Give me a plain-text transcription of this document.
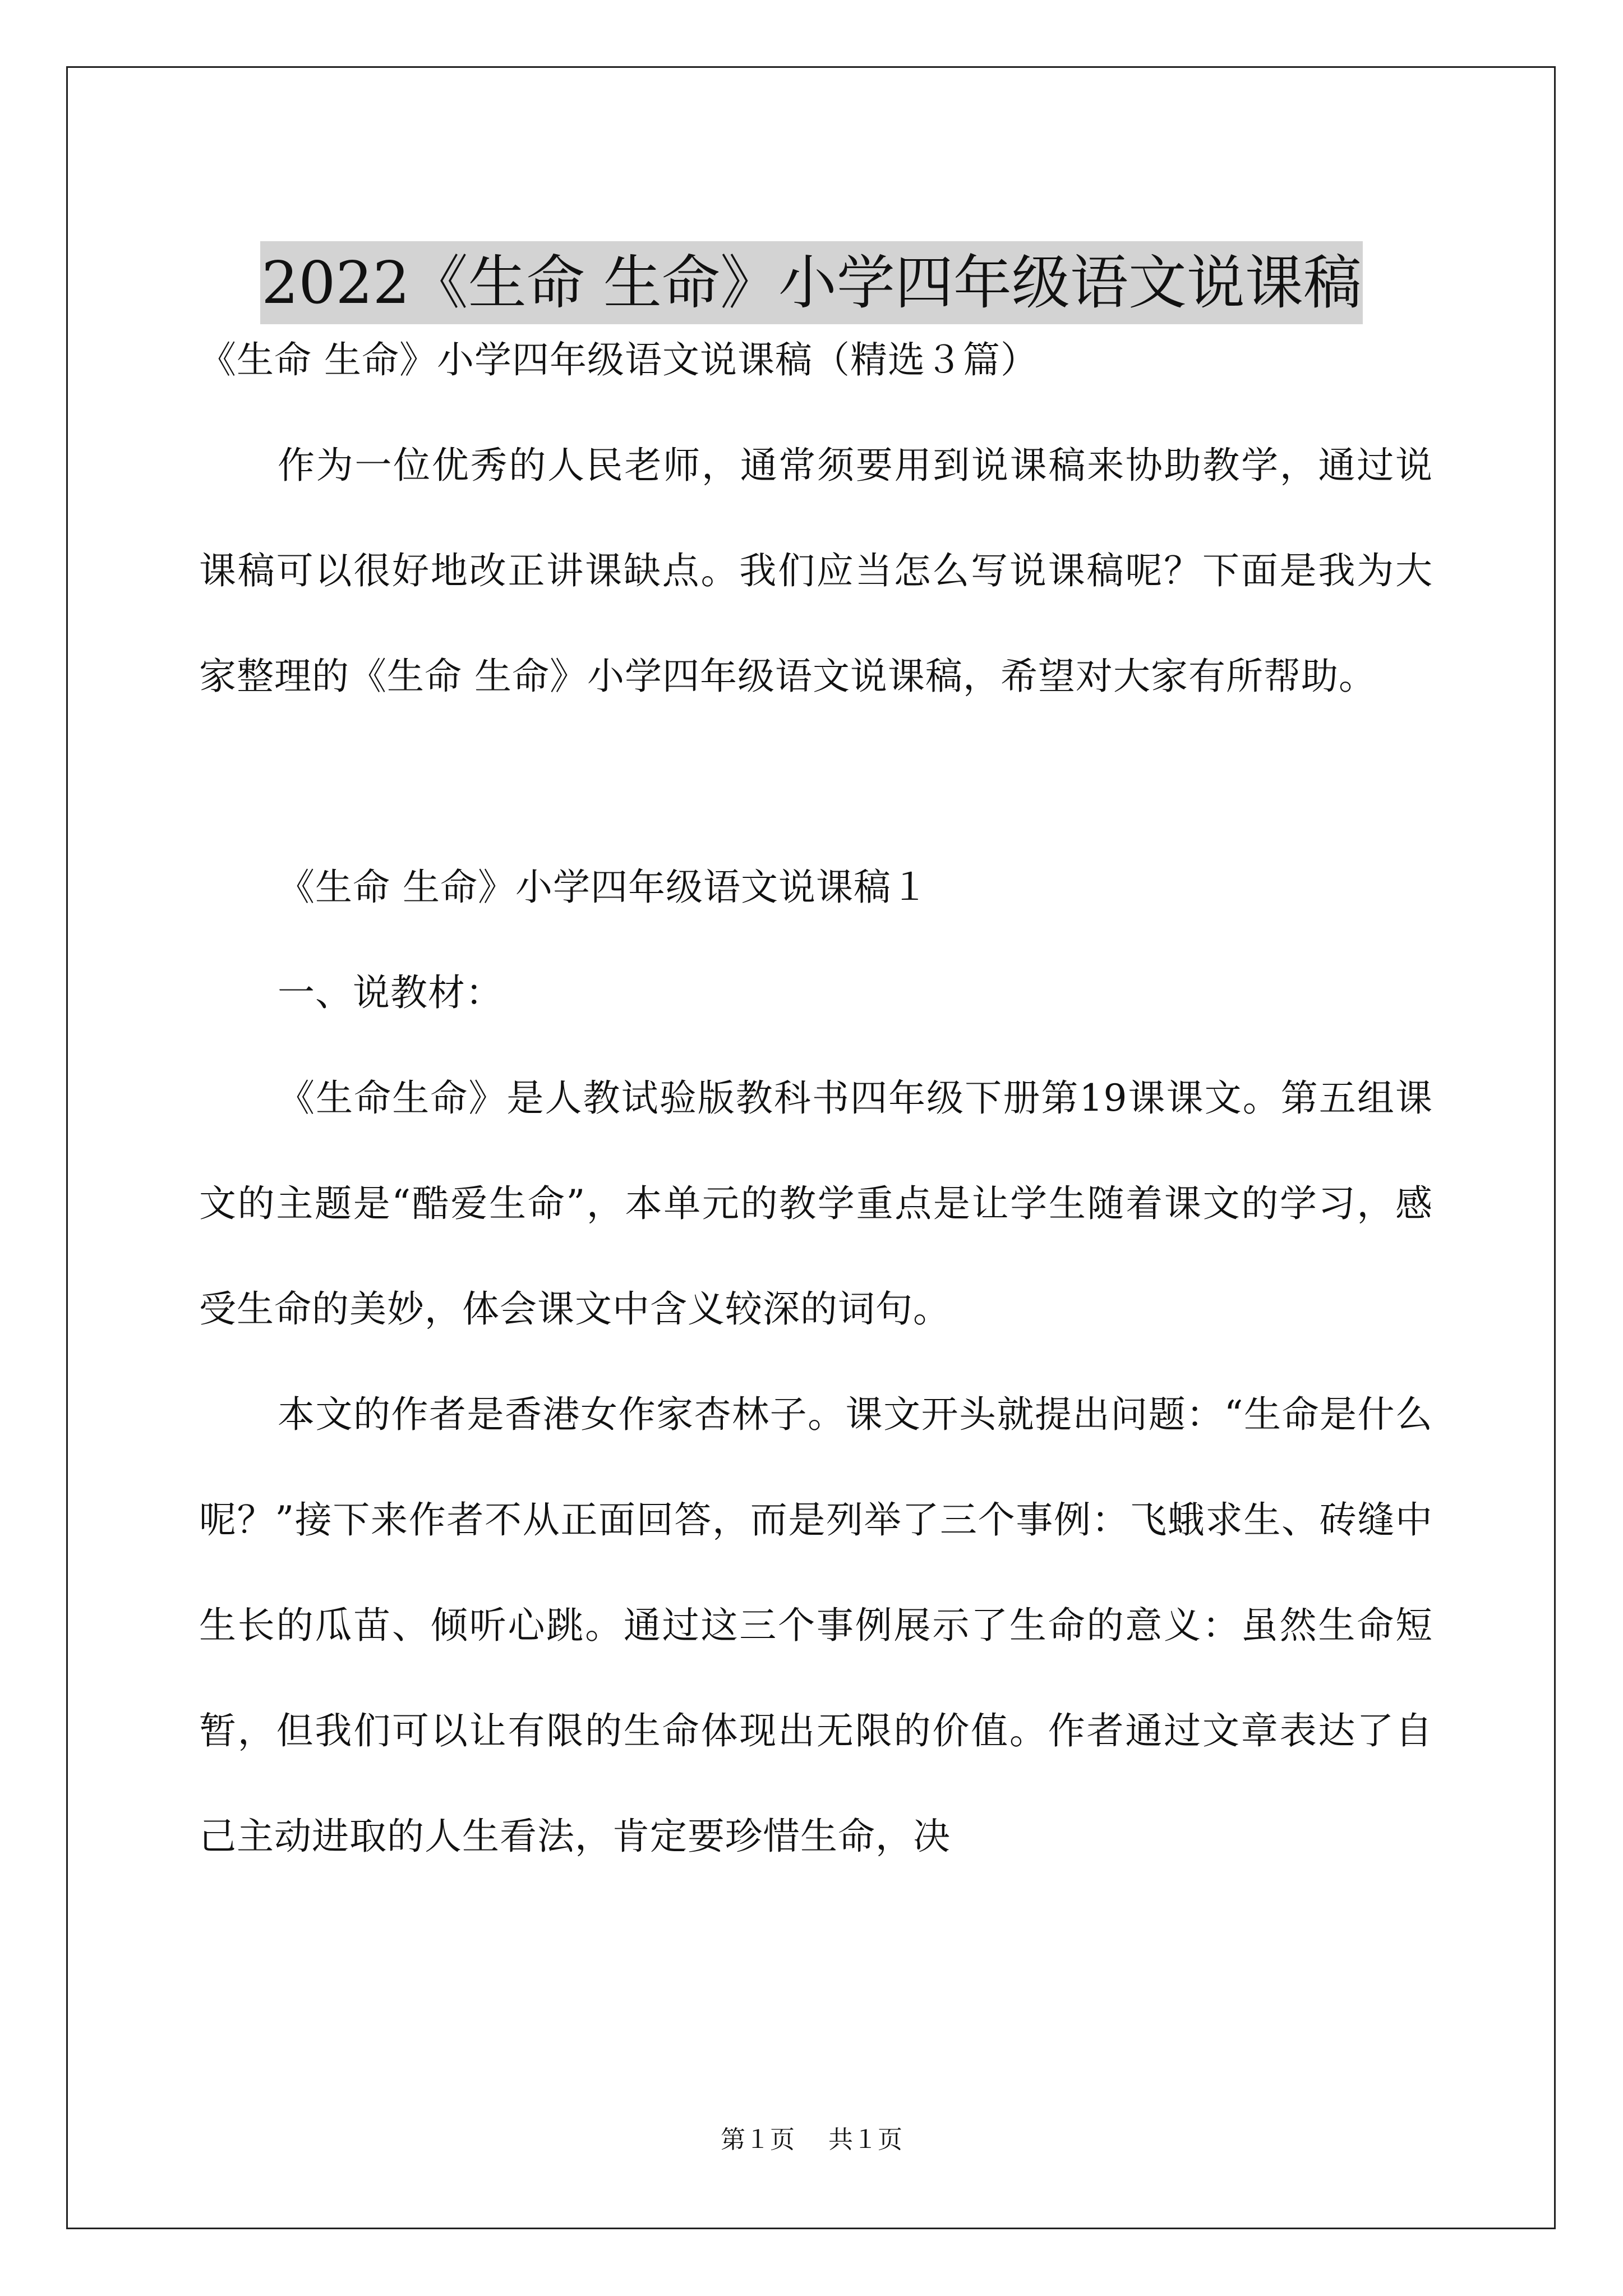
2022《生命 生命》小学四年级语文说课稿

《生命 生命》小学四年级语文说课稿（精选３篇）

作为一位优秀的人民老师，通常须要用到说课稿来协助教学，通过说课稿可以很好地改正讲课缺点。我们应当怎么写说课稿呢？下面是我为大家整理的《生命 生命》小学四年级语文说课稿，希望对大家有所帮助。

《生命 生命》小学四年级语文说课稿１

一、说教材：

《生命生命》是人教试验版教科书四年级下册第19课课文。第五组课文的主题是“酷爱生命”，本单元的教学重点是让学生随着课文的学习，感受生命的美妙，体会课文中含义较深的词句。

本文的作者是香港女作家杏林子。课文开头就提出问题：“生命是什么呢？”接下来作者不从正面回答，而是列举了三个事例：飞蛾求生、砖缝中生长的瓜苗、倾听心跳。通过这三个事例展示了生命的意义：虽然生命短暂，但我们可以让有限的生命体现出无限的价值。作者通过文章表达了自己主动进取的人生看法，肯定要珍惜生命，决

第１页 共１页
